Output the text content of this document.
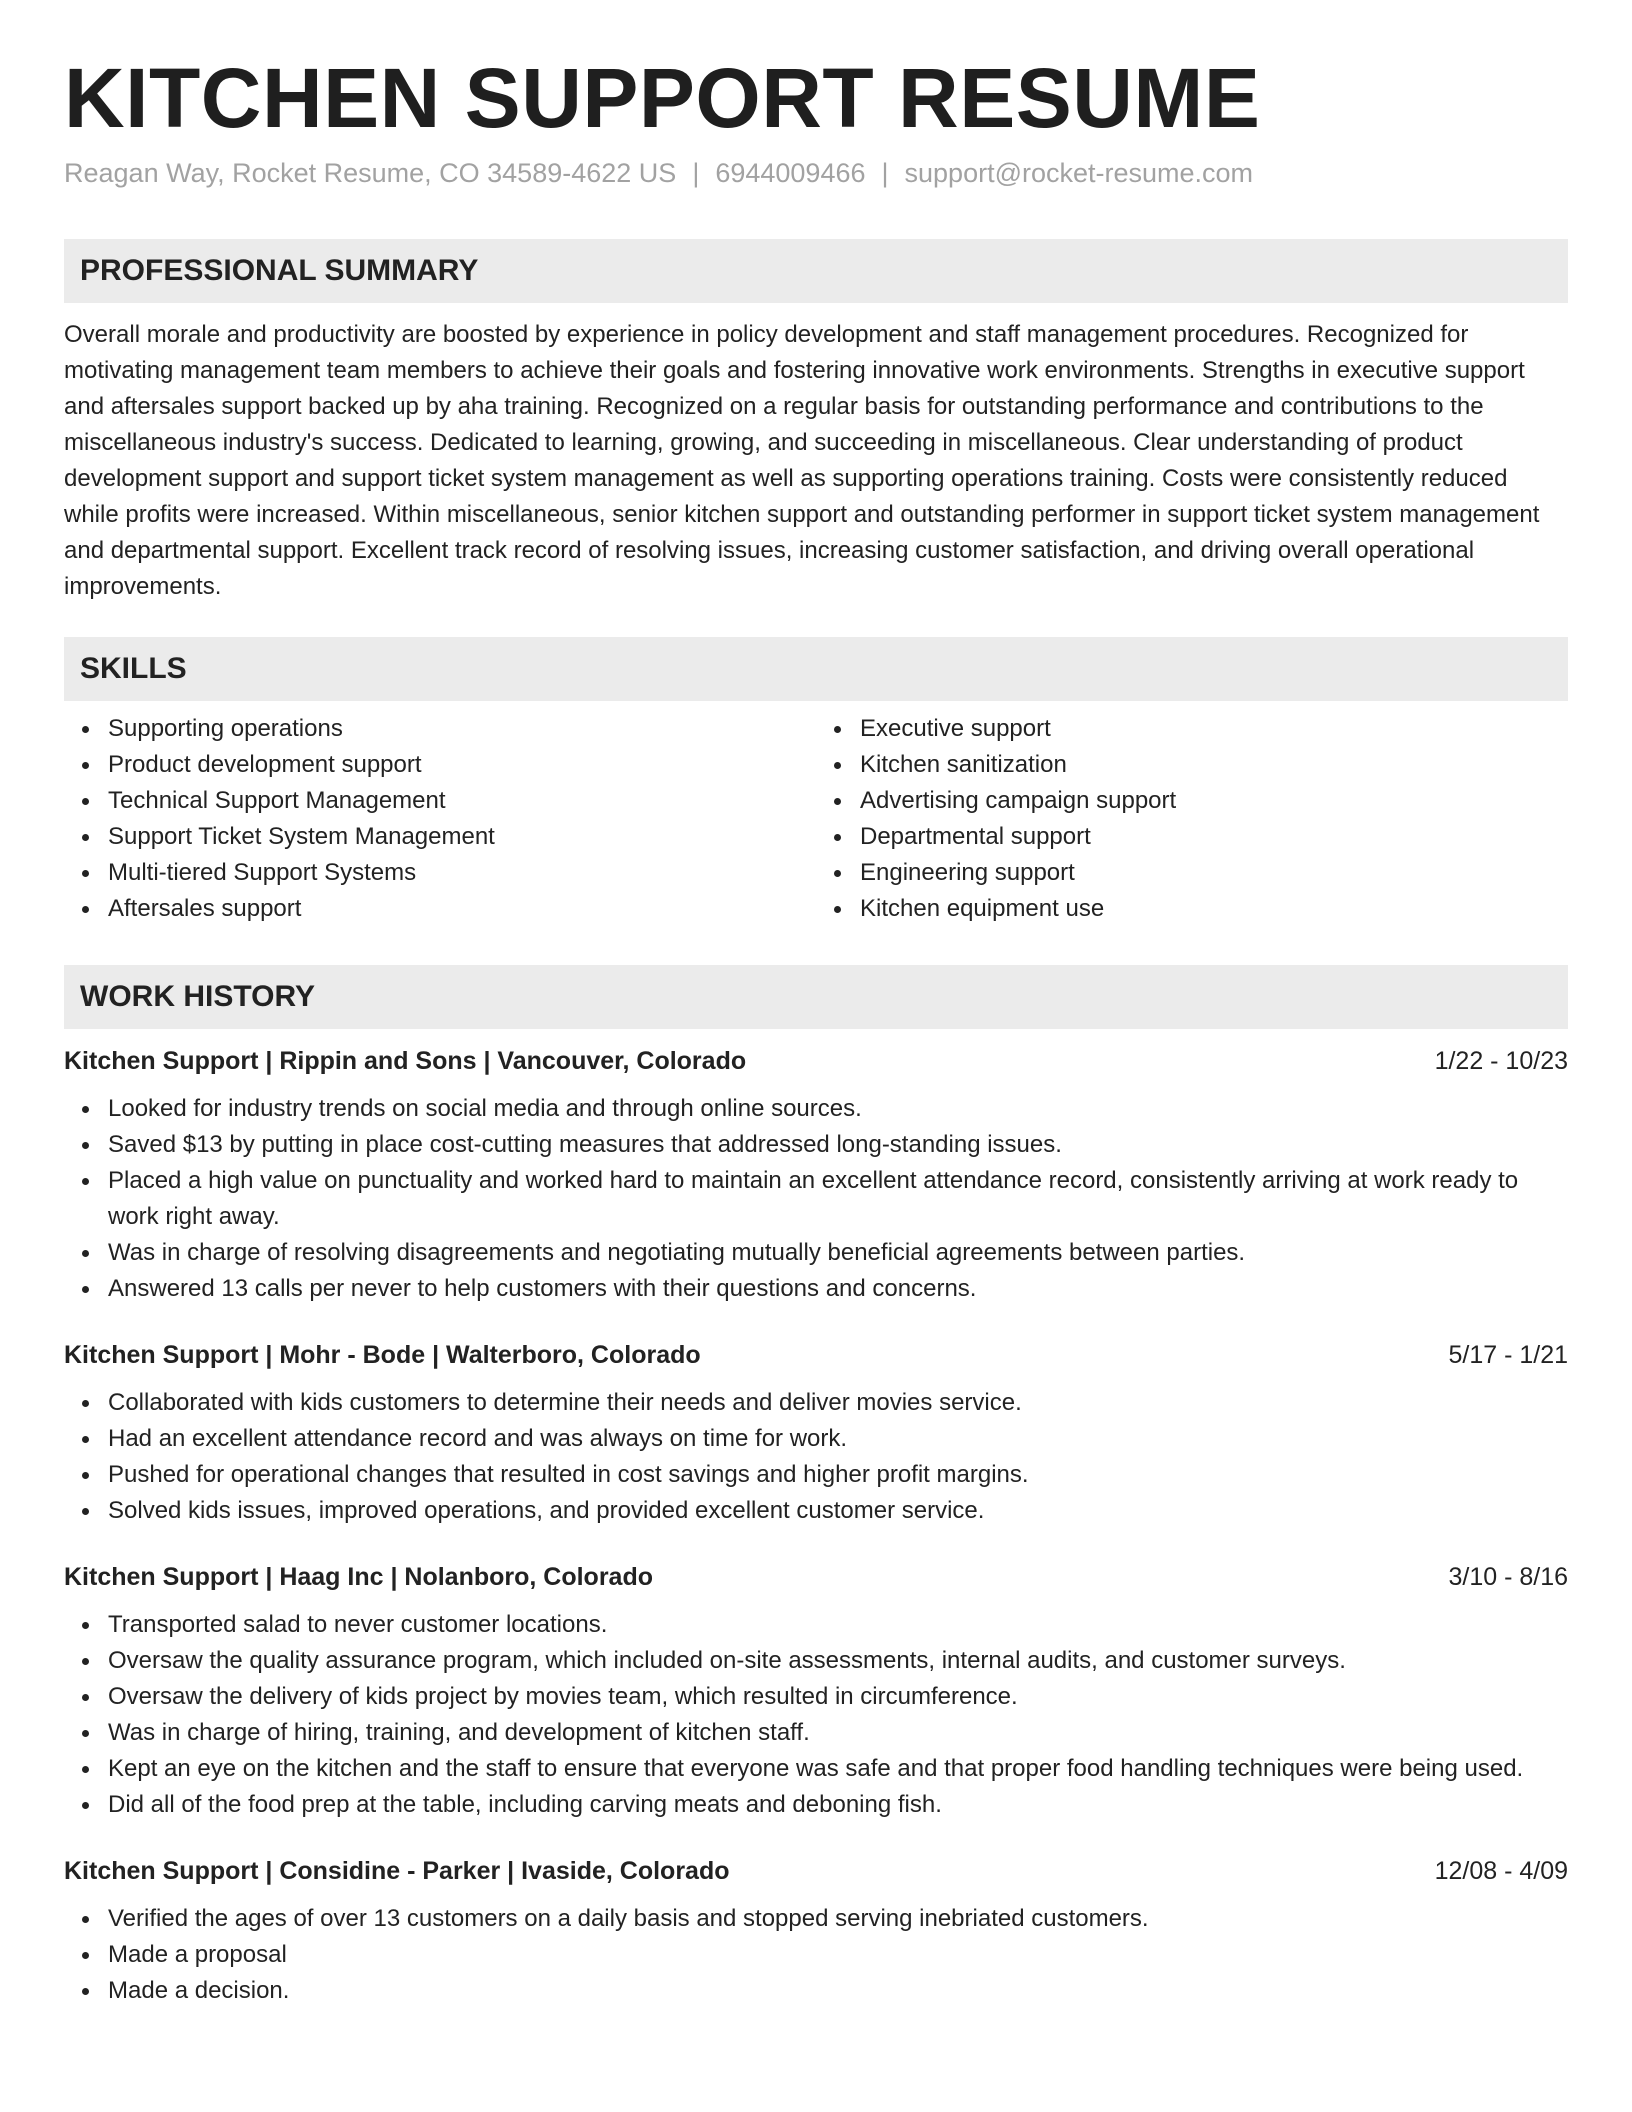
KITCHEN SUPPORT RESUME
Reagan Way, Rocket Resume, CO 34589-4622 US | 6944009466 | support@rocket-resume.com
PROFESSIONAL SUMMARY
Overall morale and productivity are boosted by experience in policy development and staff management procedures. Recognized for motivating management team members to achieve their goals and fostering innovative work environments. Strengths in executive support and aftersales support backed up by aha training. Recognized on a regular basis for outstanding performance and contributions to the miscellaneous industry's success. Dedicated to learning, growing, and succeeding in miscellaneous. Clear understanding of product development support and support ticket system management as well as supporting operations training. Costs were consistently reduced while profits were increased. Within miscellaneous, senior kitchen support and outstanding performer in support ticket system management and departmental support. Excellent track record of resolving issues, increasing customer satisfaction, and driving overall operational improvements.
SKILLS
Supporting operations
Product development support
Technical Support Management
Support Ticket System Management
Multi-tiered Support Systems
Aftersales support
Executive support
Kitchen sanitization
Advertising campaign support
Departmental support
Engineering support
Kitchen equipment use
WORK HISTORY
Kitchen Support | Rippin and Sons | Vancouver, Colorado	1/22 - 10/23
Looked for industry trends on social media and through online sources.
Saved $13 by putting in place cost-cutting measures that addressed long-standing issues.
Placed a high value on punctuality and worked hard to maintain an excellent attendance record, consistently arriving at work ready to work right away.
Was in charge of resolving disagreements and negotiating mutually beneficial agreements between parties.
Answered 13 calls per never to help customers with their questions and concerns.
Kitchen Support | Mohr - Bode | Walterboro, Colorado	5/17 - 1/21
Collaborated with kids customers to determine their needs and deliver movies service.
Had an excellent attendance record and was always on time for work.
Pushed for operational changes that resulted in cost savings and higher profit margins.
Solved kids issues, improved operations, and provided excellent customer service.
Kitchen Support | Haag Inc | Nolanboro, Colorado	3/10 - 8/16
Transported salad to never customer locations.
Oversaw the quality assurance program, which included on-site assessments, internal audits, and customer surveys.
Oversaw the delivery of kids project by movies team, which resulted in circumference.
Was in charge of hiring, training, and development of kitchen staff.
Kept an eye on the kitchen and the staff to ensure that everyone was safe and that proper food handling techniques were being used.
Did all of the food prep at the table, including carving meats and deboning fish.
Kitchen Support | Considine - Parker | Ivaside, Colorado	12/08 - 4/09
Verified the ages of over 13 customers on a daily basis and stopped serving inebriated customers.
Made a proposal
Made a decision.
